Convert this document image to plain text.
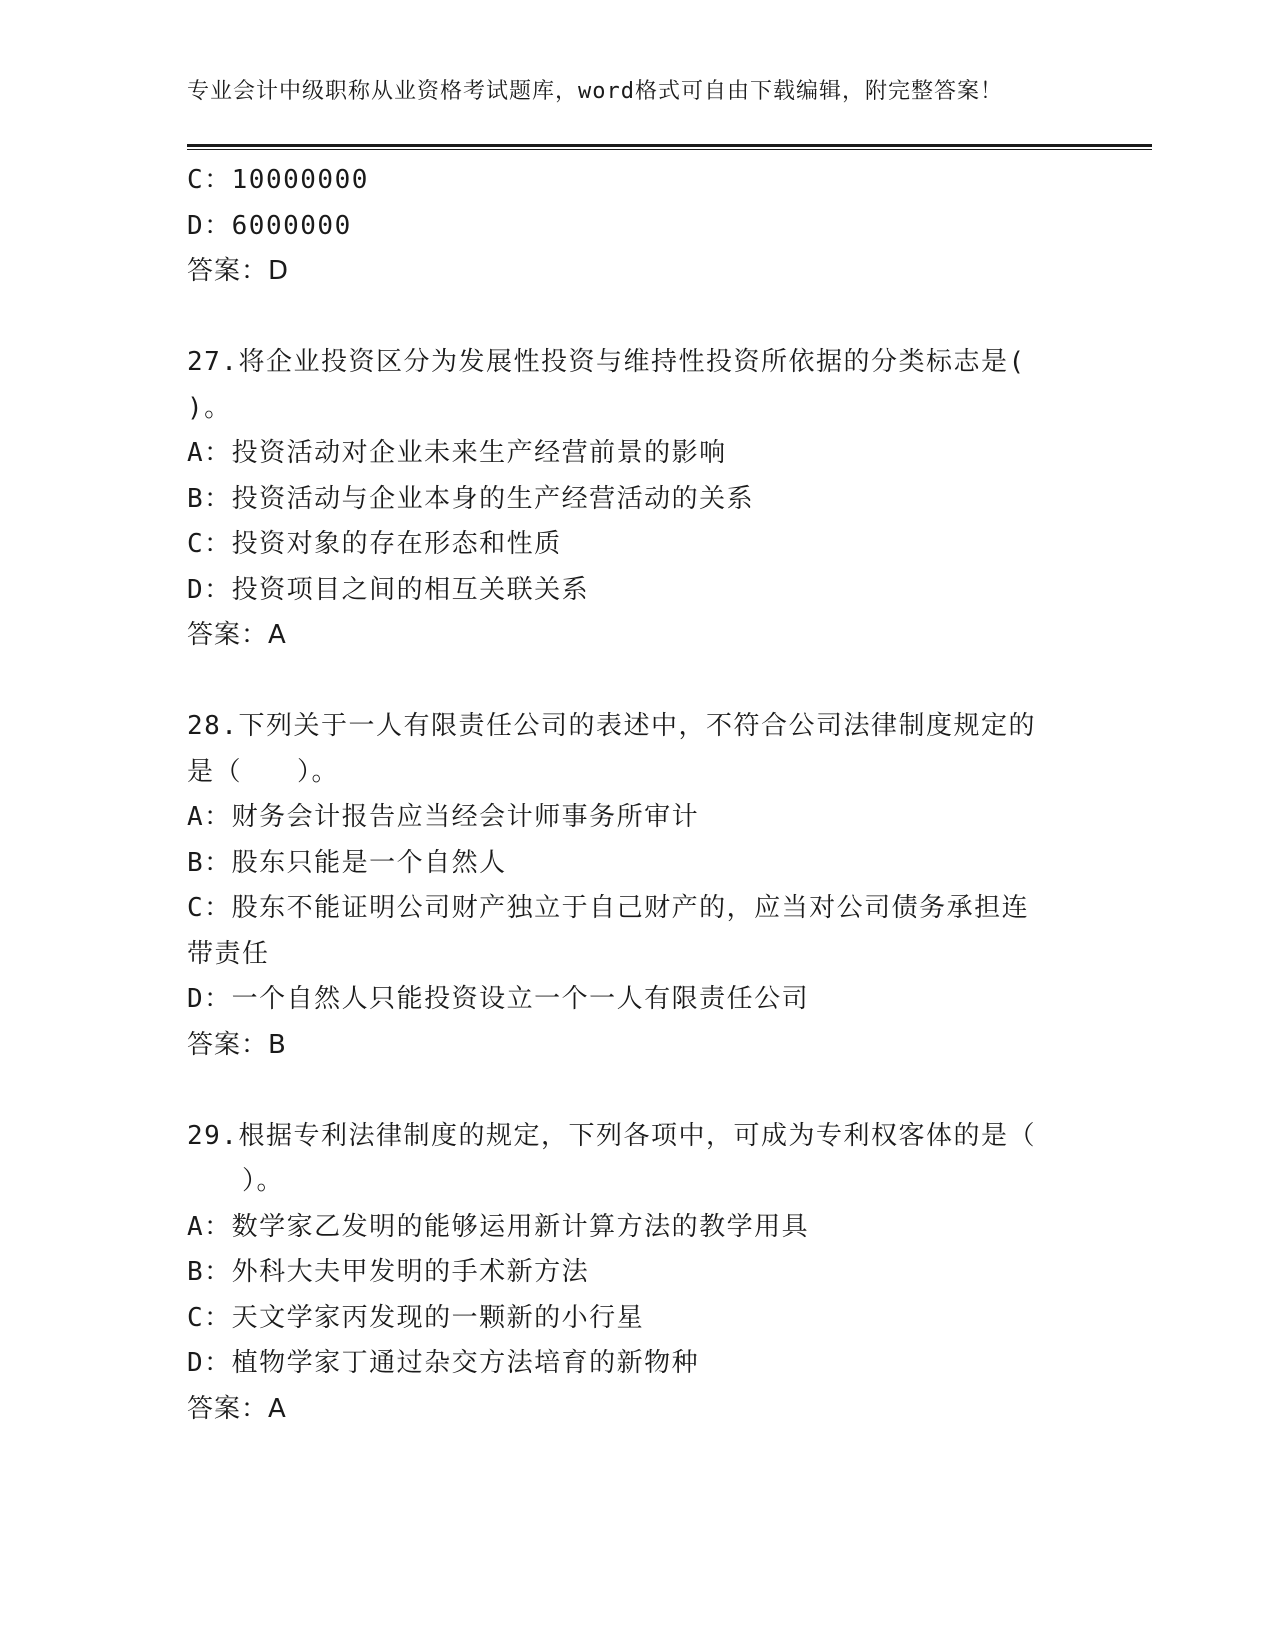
专业会计中级职称从业资格考试题库，word格式可自由下载编辑，附完整答案！
C：10000000
D：6000000
答案：D
27.将企业投资区分为发展性投资与维持性投资所依据的分类标志是(
)。
A：投资活动对企业未来生产经营前景的影响
B：投资活动与企业本身的生产经营活动的关系
C：投资对象的存在形态和性质
D：投资项目之间的相互关联关系
答案：A
28.下列关于一人有限责任公司的表述中，不符合公司法律制度规定的
是（　　）。
A：财务会计报告应当经会计师事务所审计
B：股东只能是一个自然人
C：股东不能证明公司财产独立于自己财产的，应当对公司债务承担连
带责任
D：一个自然人只能投资设立一个一人有限责任公司
答案：B
29.根据专利法律制度的规定，下列各项中，可成为专利权客体的是（
　　）。
A：数学家乙发明的能够运用新计算方法的教学用具
B：外科大夫甲发明的手术新方法
C：天文学家丙发现的一颗新的小行星
D：植物学家丁通过杂交方法培育的新物种
答案：A
